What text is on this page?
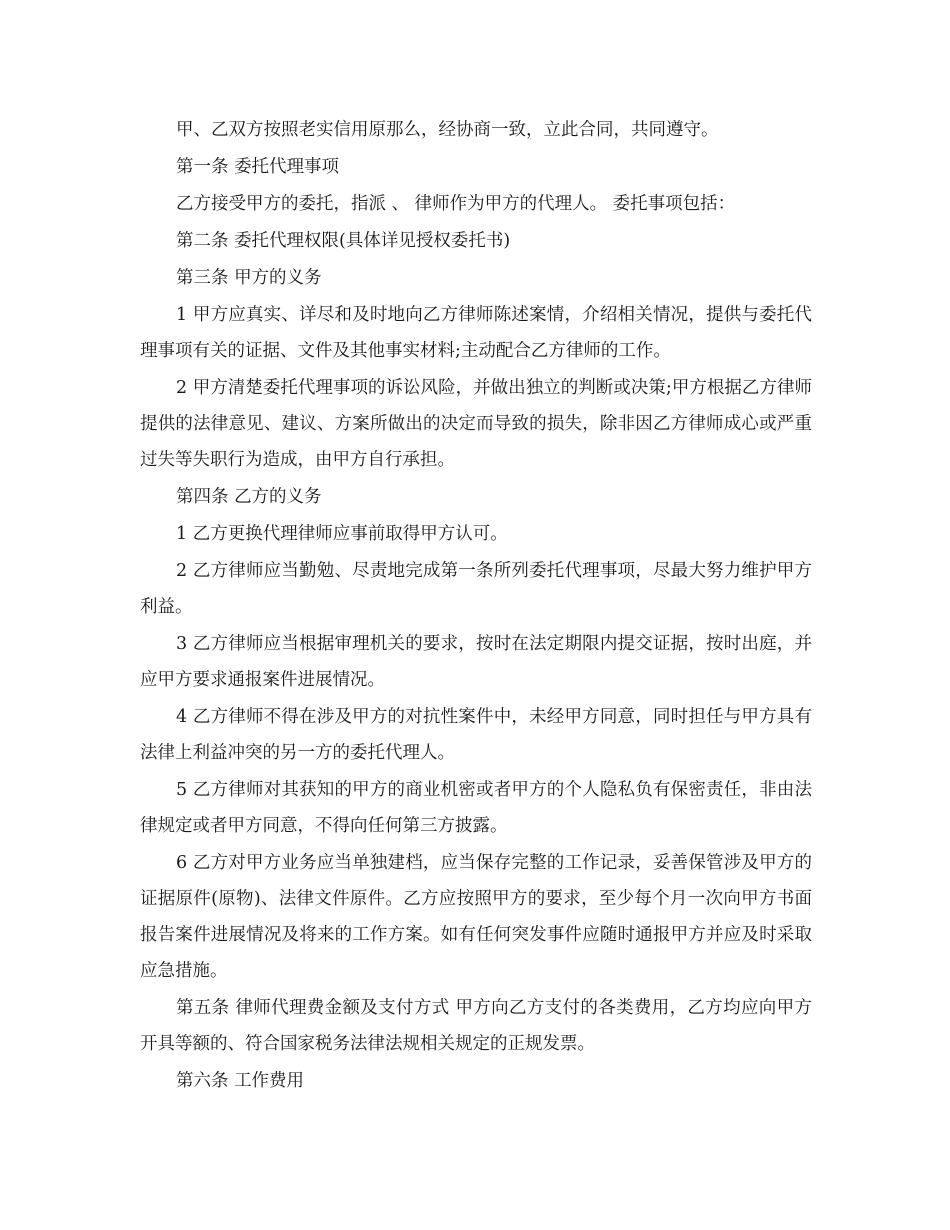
甲、乙双方按照老实信用原那么，经协商一致，立此合同，共同遵守。

第一条 委托代理事项

乙方接受甲方的委托，指派 、 律师作为甲方的代理人。 委托事项包括：

第二条 委托代理权限(具体详见授权委托书)

第三条 甲方的义务

1 甲方应真实、详尽和及时地向乙方律师陈述案情，介绍相关情况，提供与委托代理事项有关的证据、文件及其他事实材料;主动配合乙方律师的工作。

2 甲方清楚委托代理事项的诉讼风险，并做出独立的判断或决策;甲方根据乙方律师提供的法律意见、建议、方案所做出的决定而导致的损失，除非因乙方律师成心或严重过失等失职行为造成，由甲方自行承担。

第四条 乙方的义务

1 乙方更换代理律师应事前取得甲方认可。

2 乙方律师应当勤勉、尽责地完成第一条所列委托代理事项，尽最大努力维护甲方利益。

3 乙方律师应当根据审理机关的要求，按时在法定期限内提交证据，按时出庭，并应甲方要求通报案件进展情况。

4 乙方律师不得在涉及甲方的对抗性案件中，未经甲方同意，同时担任与甲方具有法律上利益冲突的另一方的委托代理人。

5 乙方律师对其获知的甲方的商业机密或者甲方的个人隐私负有保密责任，非由法律规定或者甲方同意，不得向任何第三方披露。

6 乙方对甲方业务应当单独建档，应当保存完整的工作记录，妥善保管涉及甲方的证据原件(原物)、法律文件原件。乙方应按照甲方的要求，至少每个月一次向甲方书面报告案件进展情况及将来的工作方案。如有任何突发事件应随时通报甲方并应及时采取应急措施。

第五条 律师代理费金额及支付方式 甲方向乙方支付的各类费用，乙方均应向甲方开具等额的、符合国家税务法律法规相关规定的正规发票。

第六条 工作费用
